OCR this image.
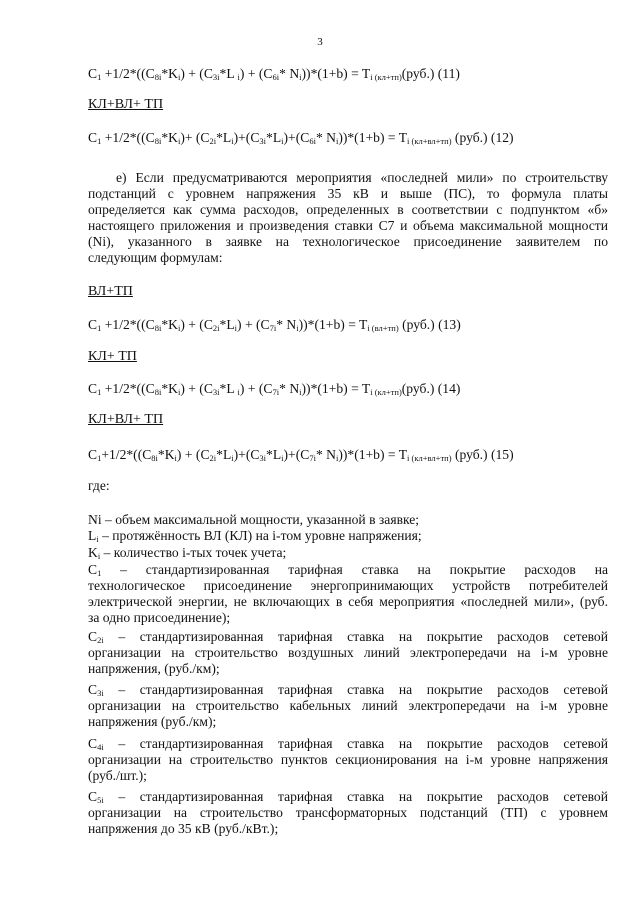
3
$C_1 +1/2*((C_{8i}*K_i) + (C_{3i}*L$ $_i) + (C_{6i}*$ $N_i))*(1+b) = T_{i (кл+тп)}(руб.)$ (11)
КЛ+ВЛ+ ТП
$C_1 +1/2*((C_{8i}*K_i)+ (C_{2i}*L_i)+(C_{3i}*L_i)+(C_{6i}*$ $N_i))*(1+b) = T_{i (кл+вл+тп)}$ (руб.) (12)
е) Если предусматриваются мероприятия «последней мили» по строительству
подстанций с уровнем напряжения 35 кВ и выше (ПС), то формула платы
определяется как сумма расходов, определенных в соответствии с подпунктом «б»
настоящего приложения и произведения ставки C7 и объема максимальной мощности
(Ni), указанного в заявке на технологическое присоединение заявителем по
следующим формулам:
ВЛ+ТП
$C_1 +1/2*((C_{8i}*K_i) + (C_{2i}*L_i) + (C_{7i}*$ $N_i))*(1+b) = T_{i (вл+тп)}$ (руб.) (13)
КЛ+ ТП
$C_1 +1/2*((C_{8i}*K_i) + (C_{3i}*L$ $_i) + (C_{7i}*$ $N_i))*(1+b) = T_{i (кл+тп)}(руб.)$ (14)
КЛ+ВЛ+ ТП
$C_1+1/2*((C_{8i}*K_i) + (C_{2i}*L_i)+(C_{3i}*L_i)+(C_{7i}*$ $N_i))*(1+b) = T_{i (кл+вл+тп)}$ (руб.) (15)
где:
Ni – объем максимальной мощности, указанной в заявке;
$L_i$ – протяжённость ВЛ (КЛ) на i-том уровне напряжения;
$K_i$ – количество i-тых точек учета;
$C_1$ – стандартизированная тарифная ставка на покрытие расходов на
технологическое присоединение энергопринимающих устройств потребителей
электрической энергии, не включающих в себя мероприятия «последней мили», (руб.
за одно присоединение);
$C_{2i}$ – стандартизированная тарифная ставка на покрытие расходов сетевой
организации на строительство воздушных линий электропередачи на i-м уровне
напряжения, (руб./км);
$C_{3i}$ – стандартизированная тарифная ставка на покрытие расходов сетевой
организации на строительство кабельных линий электропередачи на i-м уровне
напряжения (руб./км);
$C_{4i}$ – стандартизированная тарифная ставка на покрытие расходов сетевой
организации на строительство пунктов секционирования на i-м уровне напряжения
(руб./шт.);
$C_{5i}$ – стандартизированная тарифная ставка на покрытие расходов сетевой
организации на строительство трансформаторных подстанций (ТП) с уровнем
напряжения до 35 кВ (руб./кВт.);
